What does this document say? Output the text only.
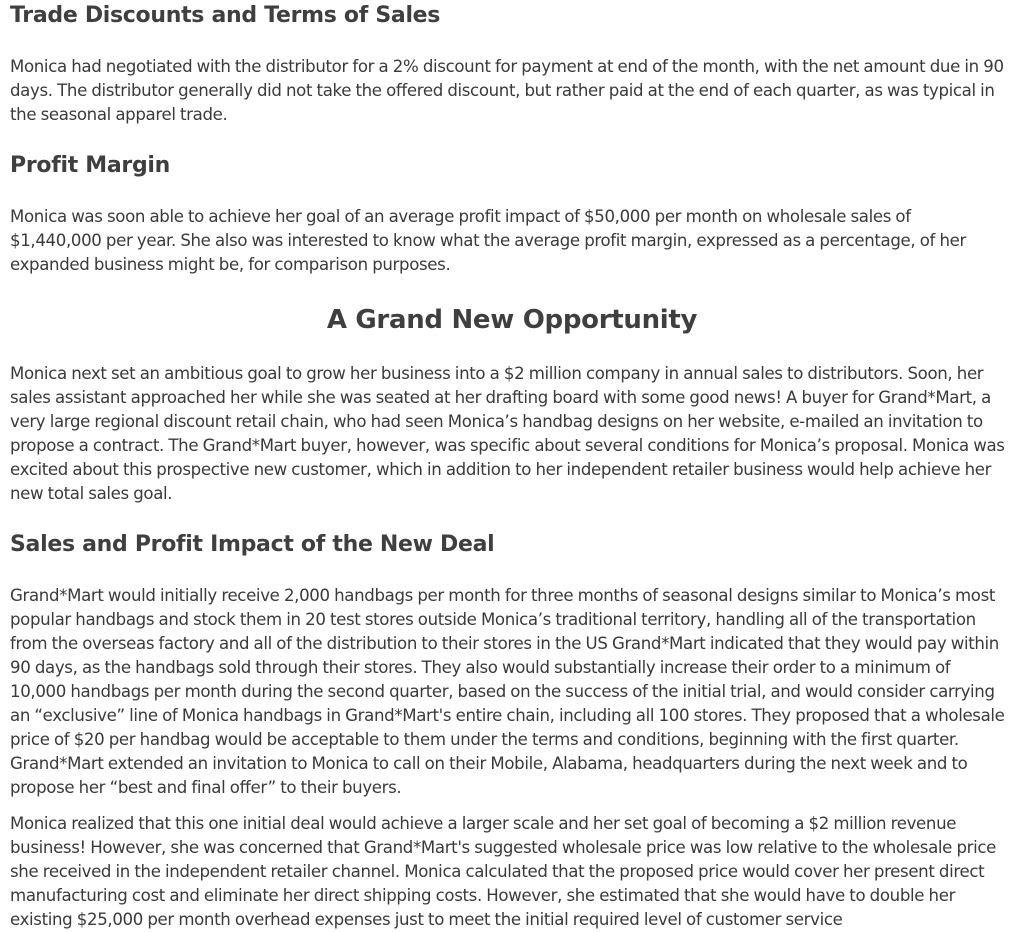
Trade Discounts and Terms of Sales

Monica had negotiated with the distributor for a 2% discount for payment at end of the month, with the net amount due in 90 days. The distributor generally did not take the offered discount, but rather paid at the end of each quarter, as was typical in the seasonal apparel trade.

Profit Margin

Monica was soon able to achieve her goal of an average profit impact of $50,000 per month on wholesale sales of $1,440,000 per year. She also was interested to know what the average profit margin, expressed as a percentage, of her expanded business might be, for comparison purposes.

A Grand New Opportunity

Monica next set an ambitious goal to grow her business into a $2 million company in annual sales to distributors. Soon, her sales assistant approached her while she was seated at her drafting board with some good news! A buyer for Grand*Mart, a very large regional discount retail chain, who had seen Monica’s handbag designs on her website, e-mailed an invitation to propose a contract. The Grand*Mart buyer, however, was specific about several conditions for Monica’s proposal. Monica was excited about this prospective new customer, which in addition to her independent retailer business would help achieve her new total sales goal.

Sales and Profit Impact of the New Deal

Grand*Mart would initially receive 2,000 handbags per month for three months of seasonal designs similar to Monica’s most popular handbags and stock them in 20 test stores outside Monica’s traditional territory, handling all of the transportation from the overseas factory and all of the distribution to their stores in the US Grand*Mart indicated that they would pay within 90 days, as the handbags sold through their stores. They also would substantially increase their order to a minimum of 10,000 handbags per month during the second quarter, based on the success of the initial trial, and would consider carrying an “exclusive” line of Monica handbags in Grand*Mart's entire chain, including all 100 stores. They proposed that a wholesale price of $20 per handbag would be acceptable to them under the terms and conditions, beginning with the first quarter. Grand*Mart extended an invitation to Monica to call on their Mobile, Alabama, headquarters during the next week and to propose her “best and final offer” to their buyers.

Monica realized that this one initial deal would achieve a larger scale and her set goal of becoming a $2 million revenue business! However, she was concerned that Grand*Mart's suggested wholesale price was low relative to the wholesale price she received in the independent retailer channel. Monica calculated that the proposed price would cover her present direct manufacturing cost and eliminate her direct shipping costs. However, she estimated that she would have to double her existing $25,000 per month overhead expenses just to meet the initial required level of customer service
